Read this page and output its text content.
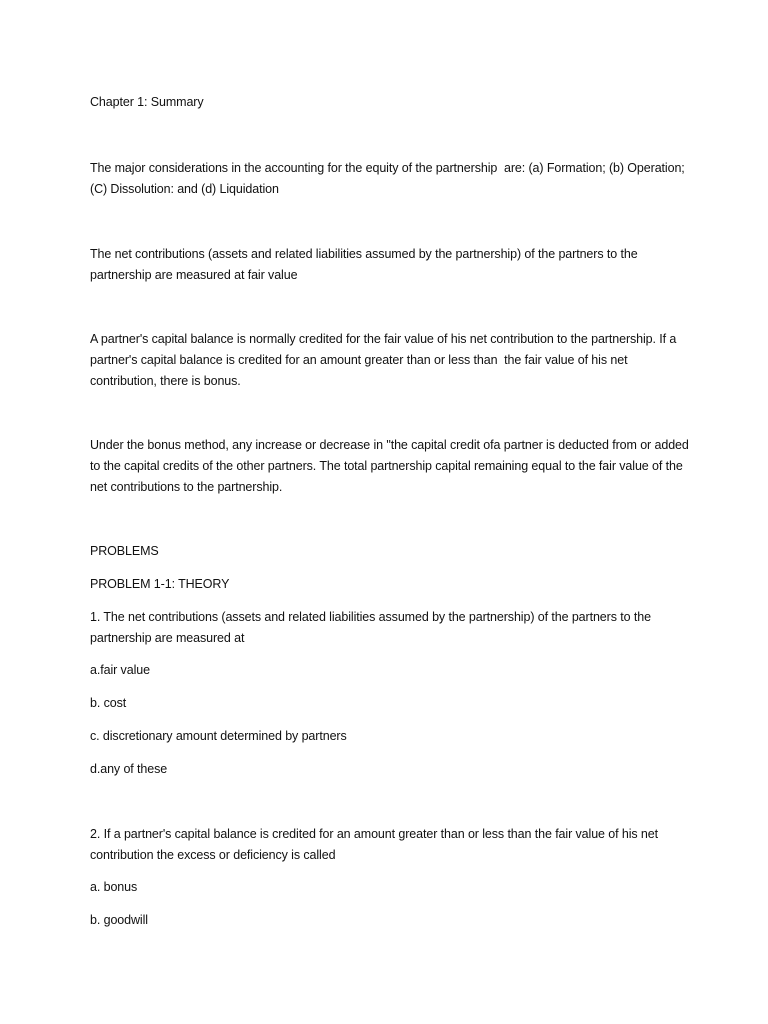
Chapter 1: Summary
The major considerations in the accounting for the equity of the partnership  are: (a) Formation; (b) Operation; (C) Dissolution: and (d) Liquidation
The net contributions (assets and related liabilities assumed by the partnership) of the partners to the partnership are measured at fair value
A partner's capital balance is normally credited for the fair value of his net contribution to the partnership. If a partner's capital balance is credited for an amount greater than or less than  the fair value of his net contribution, there is bonus.
Under the bonus method, any increase or decrease in "the capital credit ofa partner is deducted from or added to the capital credits of the other partners. The total partnership capital remaining equal to the fair value of the net contributions to the partnership.
PROBLEMS
PROBLEM 1-1: THEORY
1. The net contributions (assets and related liabilities assumed by the partnership) of the partners to the partnership are measured at
a.fair value
b. cost
c. discretionary amount determined by partners
d.any of these
2. If a partner's capital balance is credited for an amount greater than or less than the fair value of his net contribution the excess or deficiency is called
a. bonus
b. goodwill
